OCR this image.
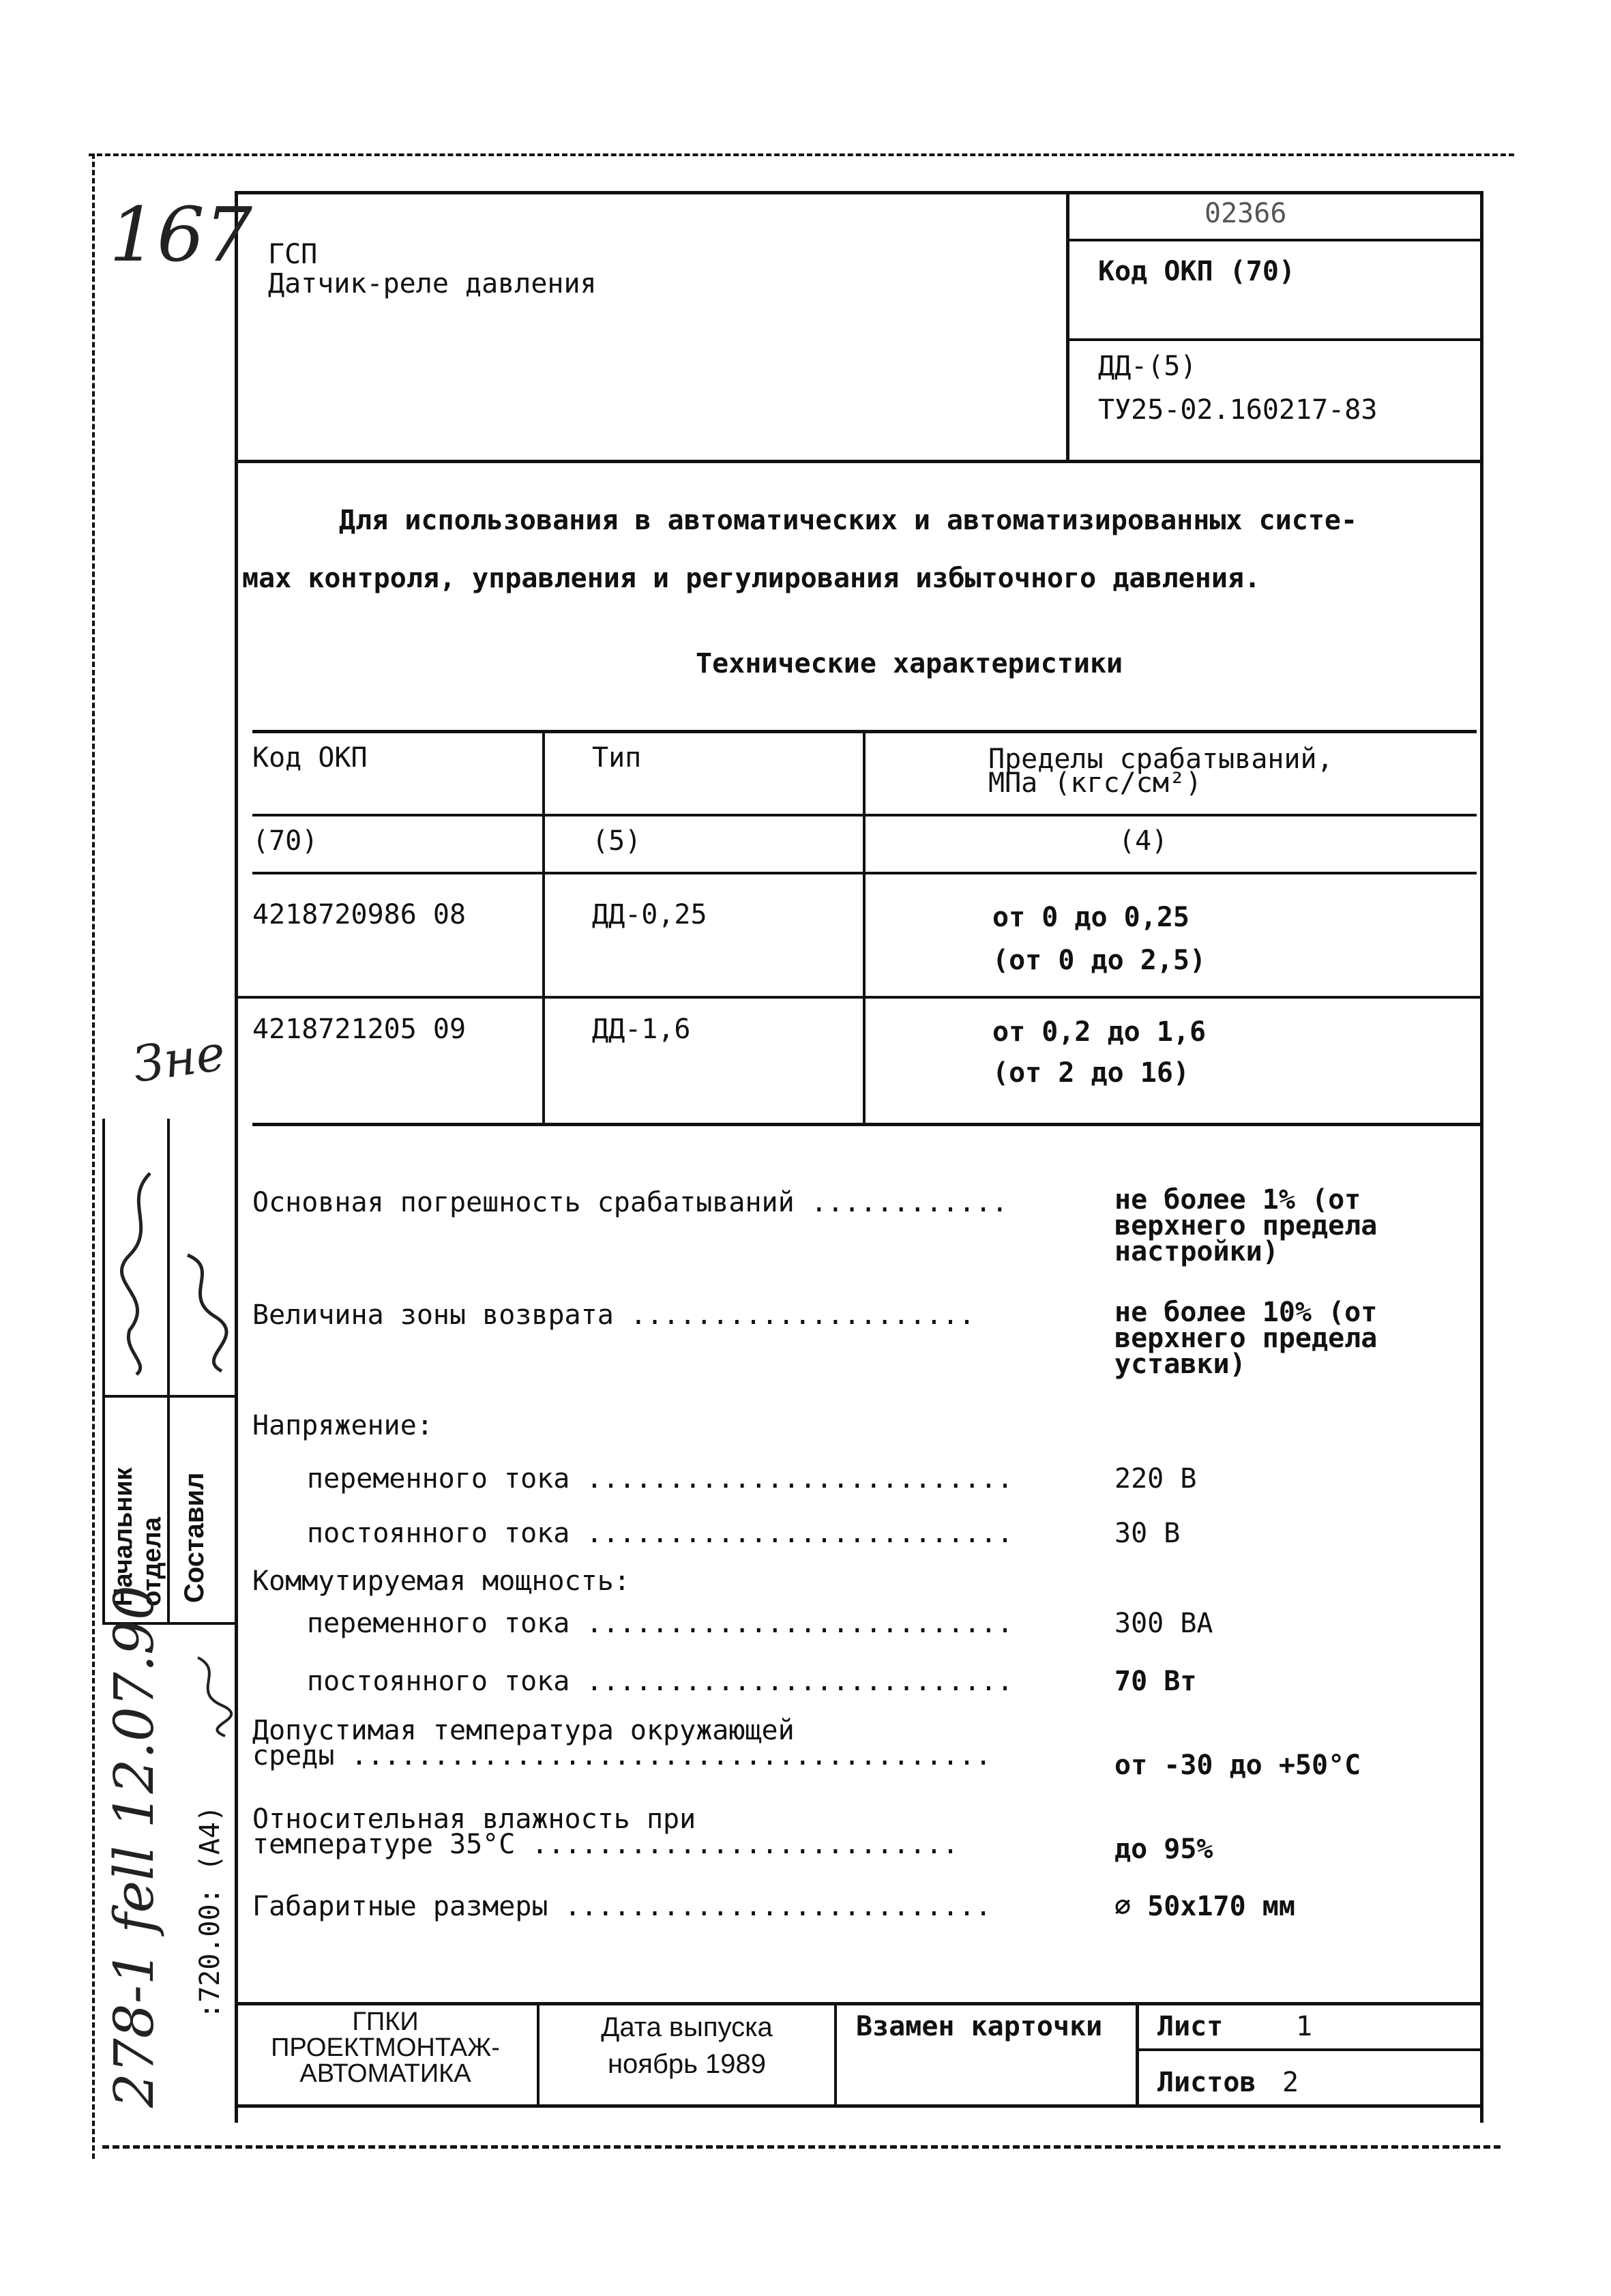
ГСП
Датчик-реле давления
02366
Код ОКП (70)
ДД-(5)
ТУ25-02.160217-83
Для использования в автоматических и автоматизированных систе-
мах контроля, управления и регулирования избыточного давления.
Технические характеристики
Код ОКП	Тип	Пределы срабатываний,
МПа (кгс/см²)
(70)	(5)	(4)
4218720986 08	ДД-0,25	от 0 до 0,25
(от 0 до 2,5)
4218721205 09	ДД-1,6	от 0,2 до 1,6
(от 2 до 16)
Основная погрешность срабатываний ............	не более 1% (от
верхнего предела
настройки)
Величина зоны возврата .....................	не более 10% (от
верхнего предела
уставки)
Напряжение:
переменного тока ..........................	220 В
постоянного тока ..........................	30 В
Коммутируемая мощность:
переменного тока ..........................	300 ВА
постоянного тока ..........................	70 Вт
Допустимая температура окружающей
среды .......................................	от -30 до +50°С
Относительная влажность при
температуре 35°С ..........................	до 95%
Габаритные размеры ..........................	⌀ 50х170 мм
ГПКИ
ПРОЕКТМОНТАЖ-
АВТОМАТИКА
Дата выпуска
ноябрь 1989
Взамен карточки Лист	1
Листов 2
Начальник отдела Составил
:720.00: (А4)
167
Зне
278-1 fell 12.07.90
